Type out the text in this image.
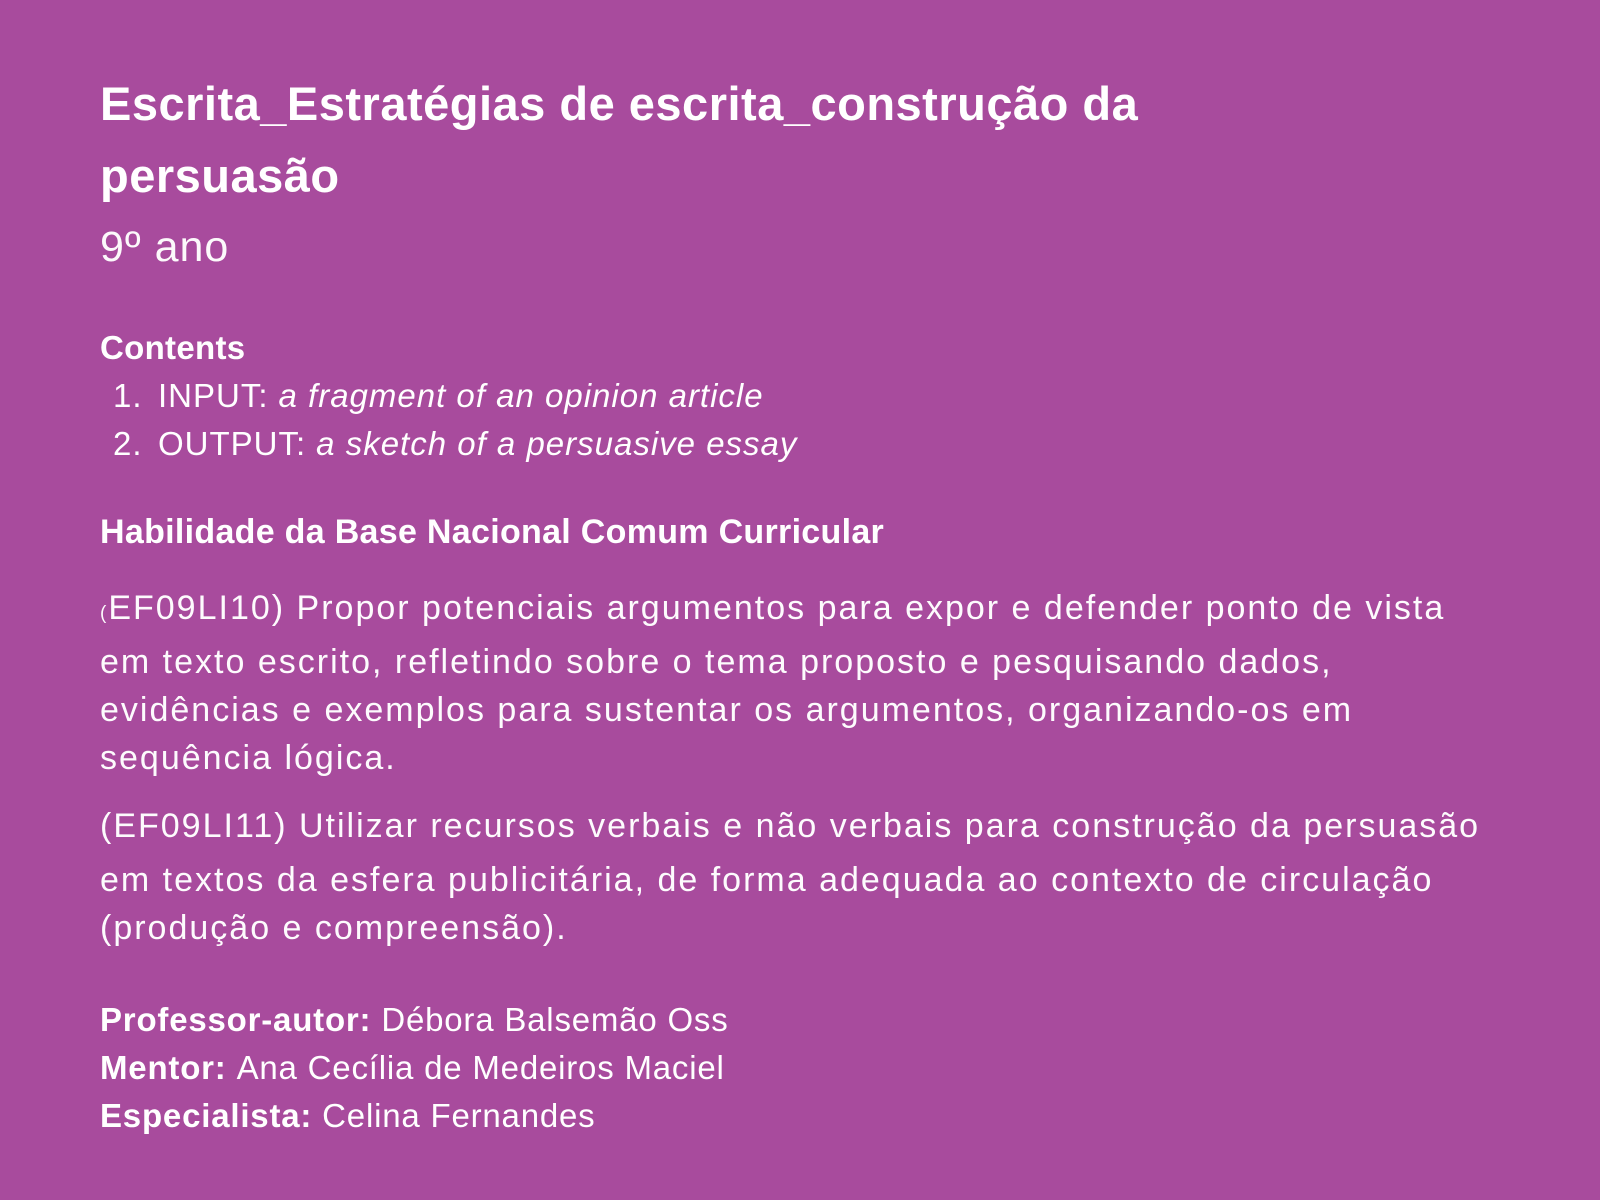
Escrita_Estratégias de escrita_construção da
persuasão
9º ano
Contents
1. INPUT: a fragment of an opinion article
2. OUTPUT: a sketch of a persuasive essay
Habilidade da Base Nacional Comum Curricular

(EF09LI10) Propor potenciais argumentos para expor e defender ponto de vista em texto escrito, refletindo sobre o tema proposto e pesquisando dados, evidências e exemplos para sustentar os argumentos, organizando-os em sequência lógica.

(EF09LI11) Utilizar recursos verbais e não verbais para construção da persuasão em textos da esfera publicitária, de forma adequada ao contexto de circulação (produção e compreensão).

Professor-autor: Débora Balsemão Oss
Mentor: Ana Cecília de Medeiros Maciel
Especialista: Celina Fernandes
